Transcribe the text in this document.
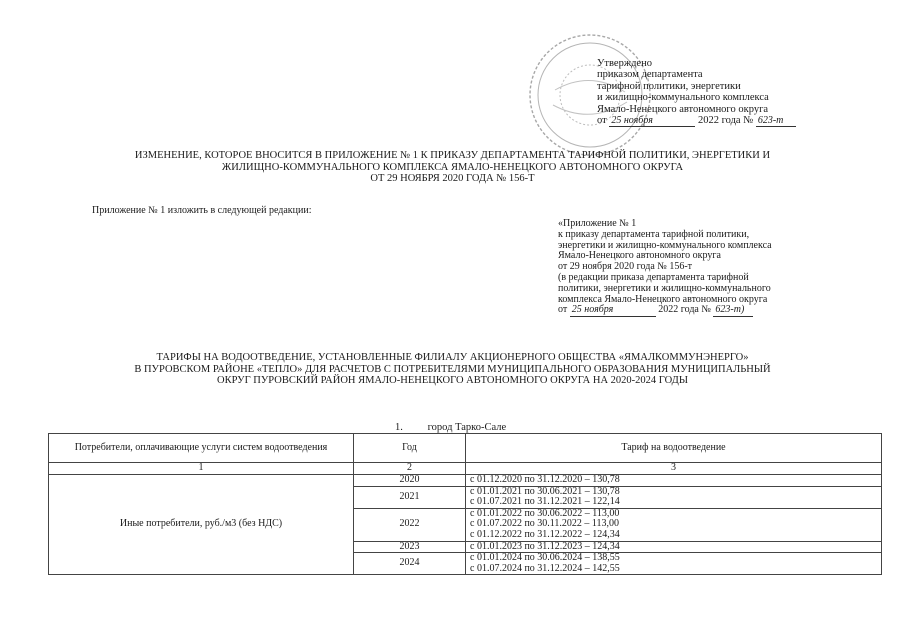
Утверждено
приказом департамента
тарифной политики, энергетики
и жилищно-коммунального комплекса
Ямало-Ненецкого автономного округа
от 25 ноября	2022 года № 623-т
ИЗМЕНЕНИЕ, КОТОРОЕ ВНОСИТСЯ В ПРИЛОЖЕНИЕ № 1 К ПРИКАЗУ ДЕПАРТАМЕНТА ТАРИФНОЙ ПОЛИТИКИ, ЭНЕРГЕТИКИ И
ЖИЛИЩНО-КОММУНАЛЬНОГО КОМПЛЕКСА ЯМАЛО-НЕНЕЦКОГО АВТОНОМНОГО ОКРУГА
ОТ 29 НОЯБРЯ 2020 ГОДА № 156-Т
Приложение № 1 изложить в следующей редакции:
«Приложение № 1
к приказу департамента тарифной политики,
энергетики и жилищно-коммунального комплекса
Ямало-Ненецкого автономного округа
от 29 ноября 2020 года № 156-т
(в редакции приказа департамента тарифной
политики, энергетики и жилищно-коммунального
комплекса Ямало-Ненецкого автономного округа
от 25 ноября	2022 года № 623-т)
ТАРИФЫ НА ВОДООТВЕДЕНИЕ, УСТАНОВЛЕННЫЕ ФИЛИАЛУ АКЦИОНЕРНОГО ОБЩЕСТВА «ЯМАЛКОММУНЭНЕРГО»
В ПУРОВСКОМ РАЙОНЕ «ТЕПЛО» ДЛЯ РАСЧЕТОВ С ПОТРЕБИТЕЛЯМИ МУНИЦИПАЛЬНОГО ОБРАЗОВАНИЯ МУНИЦИПАЛЬНЫЙ
ОКРУГ ПУРОВСКИЙ РАЙОН ЯМАЛО-НЕНЕЦКОГО АВТОНОМНОГО ОКРУГА НА 2020-2024 ГОДЫ
1. город Тарко-Сале
Потребители, оплачивающие услуги систем водоотведения	Год	Тариф на водоотведение
1	2	3
Иные потребители, руб./м3 (без НДС)	2020	с 01.12.2020 по 31.12.2020 – 130,78

	2021	с 01.01.2021 по 30.06.2021 – 130,78
с 01.07.2021 по 31.12.2021 – 122,14

	2022	с 01.01.2022 по 30.06.2022 – 113,00
с 01.07.2022 по 30.11.2022 – 113,00
с 01.12.2022 по 31.12.2022 – 124,34

	2023	с 01.01.2023 по 31.12.2023 – 124,34

	2024	с 01.01.2024 по 30.06.2024 – 138,55
с 01.07.2024 по 31.12.2024 – 142,55
